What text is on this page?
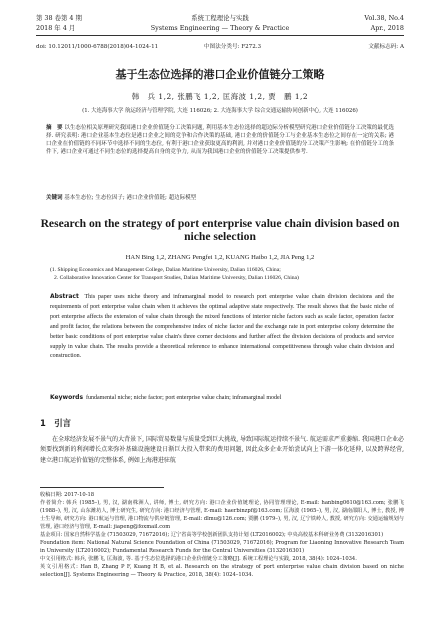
第 38 卷第 4 期	系统工程理论与实践	Vol.38, No.4
2018 年 4 月	Systems Engineering — Theory & Practice	Apr., 2018
doi: 10.12011/1000-6788(2018)04-1024-11	中图法分类号: F272.3	文献标志码: A
基于生态位选择的港口企业价值链分工策略
韩　兵 1,2, 张鹏飞 1,2, 匡海波 1,2, 贾　鹏 1,2
(1. 大连海事大学 航运经济与管理学院, 大连 116026; 2. 大连海事大学 综合交通运输协同创新中心, 大连 116026)
摘　要 以生态位相关原理研究我国港口企业价值链分工决策问题, 利用基本生态位选择的超边际分析模型研究港口企业价值链分工决策的最优选择. 研究表明: 港口企业基本生态位是港口企业之间的竞争和合作决策的基础, 港口企业的价值链分工与企业基本生态位之间存在一定的关系; 港口企业在价值链的不同环节中选择不同的生态位, 有利于港口企业获取更高的利润, 并对港口企业价值链的分工决策产生影响; 在价值链分工的条件下, 港口企业可通过不同生态位的选择提高自身的竞争力, 从而为我国港口企业的价值链分工决策提供参考.
关键词 基本生态位; 生态位因子; 港口企业价值链; 超边际模型
Research on the strategy of port enterprise value chain division based on niche selection
HAN Bing 1,2, ZHANG Pengfei 1,2, KUANG Haibo 1,2, JIA Peng 1,2
(1. Shipping Economics and Management College, Dalian Maritime University, Dalian 116026, China;
2. Collaborative Innovation Center for Transport Studies, Dalian Maritime University, Dalian 116026, China)
Abstract This paper uses niche theory and inframarginal model to research port enterprise value chain division decisions and the requirements of port enterprise value chain when it achieves the optimal adaptive state respectively. The result shows that the basic niche of port enterprise affects the extension of value chain through the mixed functions of interior niche factors such as scale factor, operation factor and profit factor, the relations between the comprehensive index of niche factor and the exchange rate in port enterprise colony determine the better basic conditions of port enterprise value chain's three corner decisions and further affect the division decisions of products and service supply in value chain. The results provide a theoretical reference to enhance international competitiveness through value chain division and construction.
Keywords fundamental niche; niche factor; port enterprise value chain; inframarginal model
1　引言
在全球经济发展不景气的大背景下, 国际贸易数量与质量受到巨大挑战, 导致国际航运持续不景气. 航运需求严重萎缩. 我国港口企业必须要找到新的利润增长点来弥补基础设施建设日渐巨大投入带来的费用问题, 因此众多企业开始尝试向上下游一体化延伸, 以及跨界经营, 建立港口航运价值链的完整体系, 例如上海港进驻航

收稿日期: 2017-10-18

作者简介: 韩兵 (1985–), 男, 汉, 湖南株洲人, 讲师, 博士, 研究方向: 港口企业价值链理论, 协同管理理论, E-mail: hanbing0610@163.com; 张鹏飞 (1988–), 男, 汉, 山东潍坊人, 博士研究生, 研究方向: 港口经济与管理, E-mail: haerbinzpf@163.com; 匡海波 (1965–), 男, 汉, 湖南邵阳人, 博士, 教授, 博士生导师, 研究方向: 港口航运与管理, 港口物流与供应链管理, E-mail: dlmu@126.com; 贾鹏 (1979–), 男, 汉, 辽宁铁岭人, 教授, 研究方向: 交通运输规划与管理, 港口经济与管理, E-mail: jiapeng@foxmail.com

基金项目: 国家自然科学基金 (71503029, 71672016); 辽宁省高等学校创新团队支持计划 (LT2016002); 中央高校基本科研业务费 (3132016301)

Foundation item: National Natural Science Foundation of China (71503029, 71672016); Program for Liaoning Innovative Research Team in University (LT2016002); Fundamental Research Funds for the Central Universities (3132016301)

中文引用格式: 韩兵, 张鹏飞, 匡海波, 等. 基于生态位选择的港口企业价值链分工策略[J]. 系统工程理论与实践, 2018, 38(4): 1024–1034.

英文引用格式: Han B, Zhang P F, Kuang H B, et al. Research on the strategy of port enterprise value chain division based on niche selection[J]. Systems Engineering — Theory & Practice, 2018, 38(4): 1024–1034.
